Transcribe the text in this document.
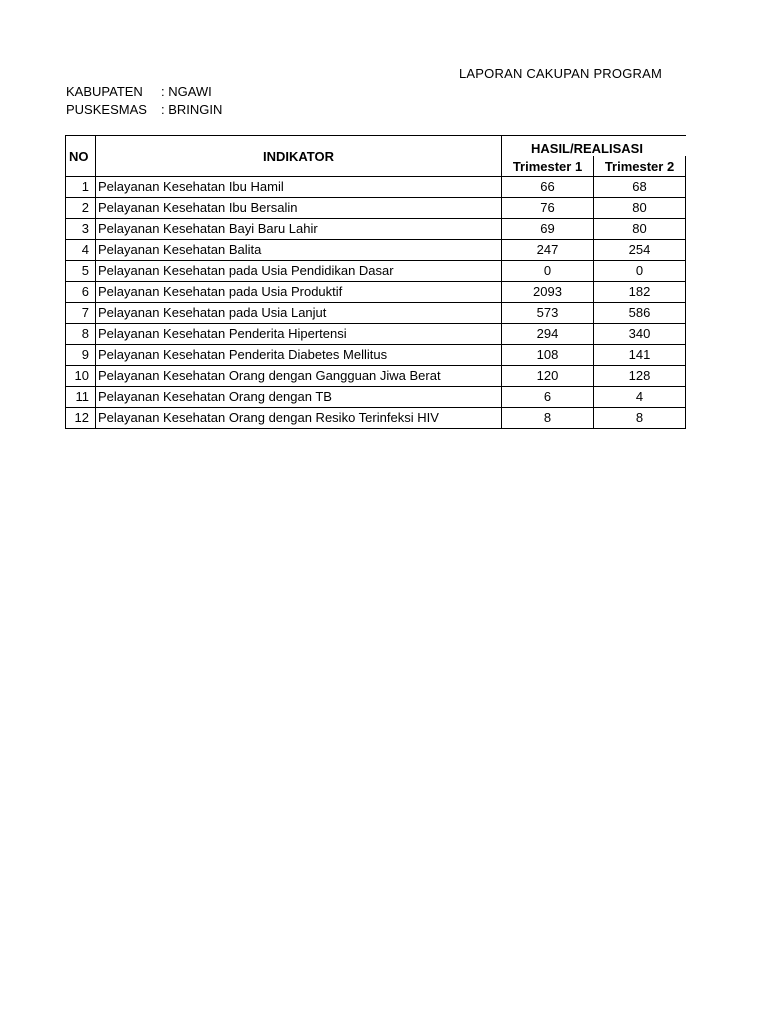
LAPORAN CAKUPAN PROGRAM
KABUPATEN : NGAWI
PUSKESMAS : BRINGIN
NO	INDIKATOR	HASIL/REALISASI		
		Trimester 1	Trimester 2	
1	Pelayanan Kesehatan Ibu Hamil	66	68	
2	Pelayanan Kesehatan Ibu Bersalin	76	80	
3	Pelayanan Kesehatan Bayi Baru Lahir	69	80	
4	Pelayanan Kesehatan Balita	247	254	
5	Pelayanan Kesehatan pada Usia Pendidikan Dasar	0	0	
6	Pelayanan Kesehatan pada Usia Produktif	2093	182	
7	Pelayanan Kesehatan pada Usia Lanjut	573	586	
8	Pelayanan Kesehatan Penderita Hipertensi	294	340	
9	Pelayanan Kesehatan Penderita Diabetes Mellitus	108	141	
10	Pelayanan Kesehatan Orang dengan Gangguan Jiwa Berat	120	128	
11	Pelayanan Kesehatan Orang dengan TB	6	4	
12	Pelayanan Kesehatan Orang dengan Resiko Terinfeksi HIV	8	8	
